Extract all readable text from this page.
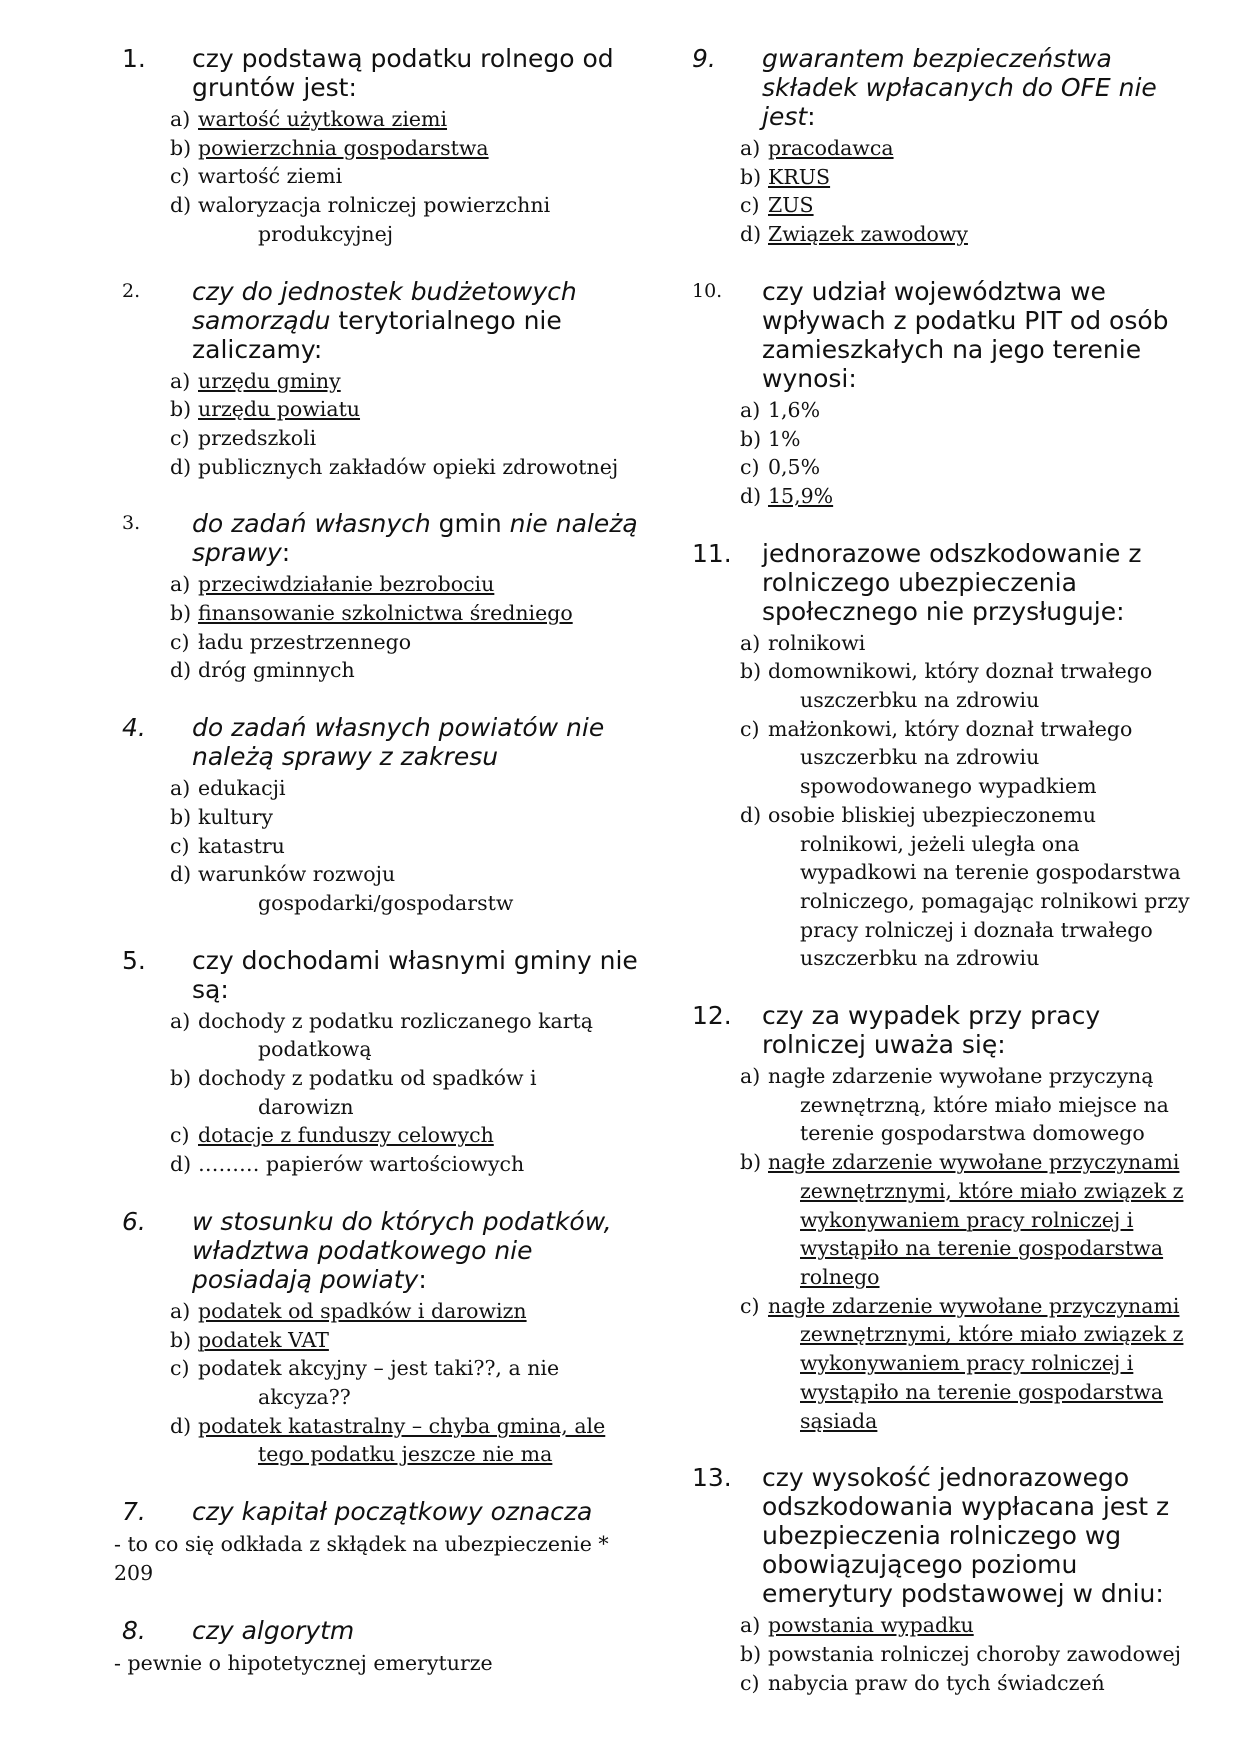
1. czy podstawą podatku rolnego od gruntów jest:
a) wartość użytkowa ziemi
b) powierzchnia gospodarstwa
c) wartość ziemi
d) waloryzacja rolniczej powierzchni
produkcyjnej
2. czy do jednostek budżetowych samorządu terytorialnego nie zaliczamy:
a) urzędu gminy
b) urzędu powiatu
c) przedszkoli
d) publicznych zakładów opieki zdrowotnej
3. do zadań własnych gmin nie należą sprawy:
a) przeciwdziałanie bezrobociu
b) finansowanie szkolnictwa średniego
c) ładu przestrzennego
d) dróg gminnych
4. do zadań własnych powiatów nie należą sprawy z zakresu
a) edukacji
b) kultury
c) katastru
d) warunków rozwoju
gospodarki/gospodarstw
5. czy dochodami własnymi gminy nie są:
a) dochody z podatku rozliczanego kartą
podatkową
b) dochody z podatku od spadków i
darowizn
c) dotacje z funduszy celowych
d) ……… papierów wartościowych
6. w stosunku do których podatków, władztwa podatkowego nie posiadają powiaty:
a) podatek od spadków i darowizn
b) podatek VAT
c) podatek akcyjny – jest taki??, a nie
akcyza??
d) podatek katastralny – chyba gmina, ale
tego podatku jeszcze nie ma
7. czy kapitał początkowy oznacza
- to co się odkłada z skłądek na ubezpieczenie * 209
8. czy algorytm
- pewnie o hipotetycznej emeryturze
9. gwarantem bezpieczeństwa składek wpłacanych do OFE nie jest:
a) pracodawca
b) KRUS
c) ZUS
d) Związek zawodowy
10. czy udział województwa we wpływach z podatku PIT od osób zamieszkałych na jego terenie wynosi:
a) 1,6%
b) 1%
c) 0,5%
d) 15,9%
11. jednorazowe odszkodowanie z rolniczego ubezpieczenia społecznego nie przysługuje:
a) rolnikowi
b) domownikowi, który doznał trwałego
uszczerbku na zdrowiu
c) małżonkowi, który doznał trwałego
uszczerbku na zdrowiu
spowodowanego wypadkiem
d) osobie bliskiej ubezpieczonemu
rolnikowi, jeżeli uległa ona
wypadkowi na terenie gospodarstwa
rolniczego, pomagając rolnikowi przy
pracy rolniczej i doznała trwałego
uszczerbku na zdrowiu
12. czy za wypadek przy pracy rolniczej uważa się:
a) nagłe zdarzenie wywołane przyczyną
zewnętrzną, które miało miejsce na
terenie gospodarstwa domowego
b) nagłe zdarzenie wywołane przyczynami
zewnętrznymi, które miało związek z
wykonywaniem pracy rolniczej i
wystąpiło na terenie gospodarstwa
rolnego
c) nagłe zdarzenie wywołane przyczynami
zewnętrznymi, które miało związek z
wykonywaniem pracy rolniczej i
wystąpiło na terenie gospodarstwa
sąsiada
13. czy wysokość jednorazowego odszkodowania wypłacana jest z ubezpieczenia rolniczego wg obowiązującego poziomu emerytury podstawowej w dniu:
a) powstania wypadku
b) powstania rolniczej choroby zawodowej
c) nabycia praw do tych świadczeń
